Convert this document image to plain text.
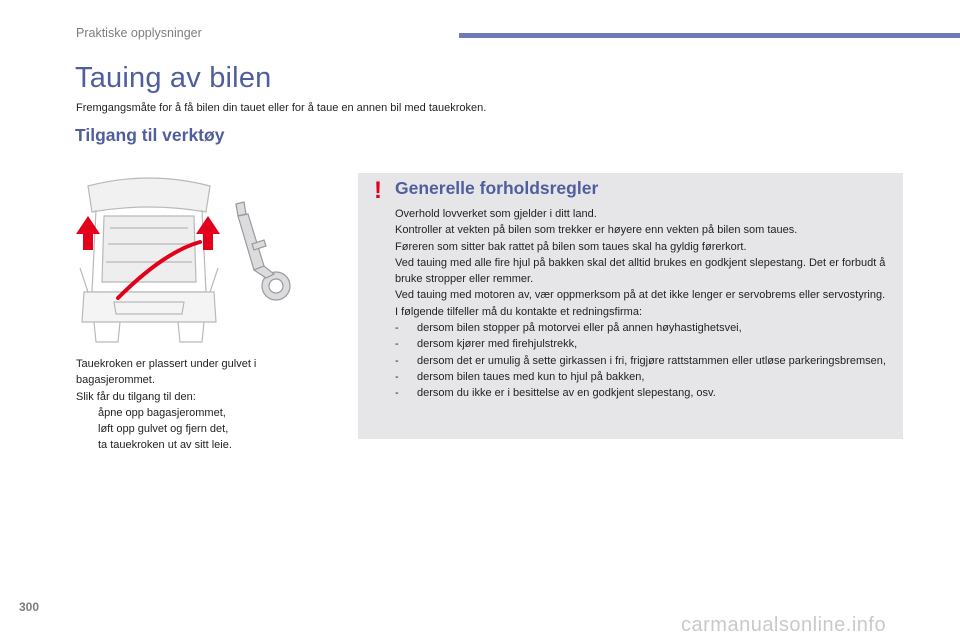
Praktiske opplysninger
Tauing av bilen
Fremgangsmåte for å få bilen din tauet eller for å taue en annen bil med tauekroken.
Tilgang til verktøy

Tauekroken er plassert under gulvet i bagasjerommet.

Slik får du tilgang til den:

åpne opp bagasjerommet,
løft opp gulvet og fjern det,
ta tauekroken ut av sitt leie.
! Generelle forholdsregler

Overhold lovverket som gjelder i ditt land.

Kontroller at vekten på bilen som trekker er høyere enn vekten på bilen som taues.

Føreren som sitter bak rattet på bilen som taues skal ha gyldig førerkort.

Ved tauing med alle fire hjul på bakken skal det alltid brukes en godkjent slepestang. Det er forbudt å bruke stropper eller remmer.

Ved tauing med motoren av, vær oppmerksom på at det ikke lenger er servobrems eller servostyring.

I følgende tilfeller må du kontakte et redningsfirma:

-	dersom bilen stopper på motorvei eller på annen høyhastighetsvei,
-	dersom kjører med firehjulstrekk,
-	dersom det er umulig å sette girkassen i fri, frigjøre rattstammen eller utløse parkeringsbremsen,
-	dersom bilen taues med kun to hjul på bakken,
-	dersom du ikke er i besittelse av en godkjent slepestang, osv.
300
carmanualsonline.info
